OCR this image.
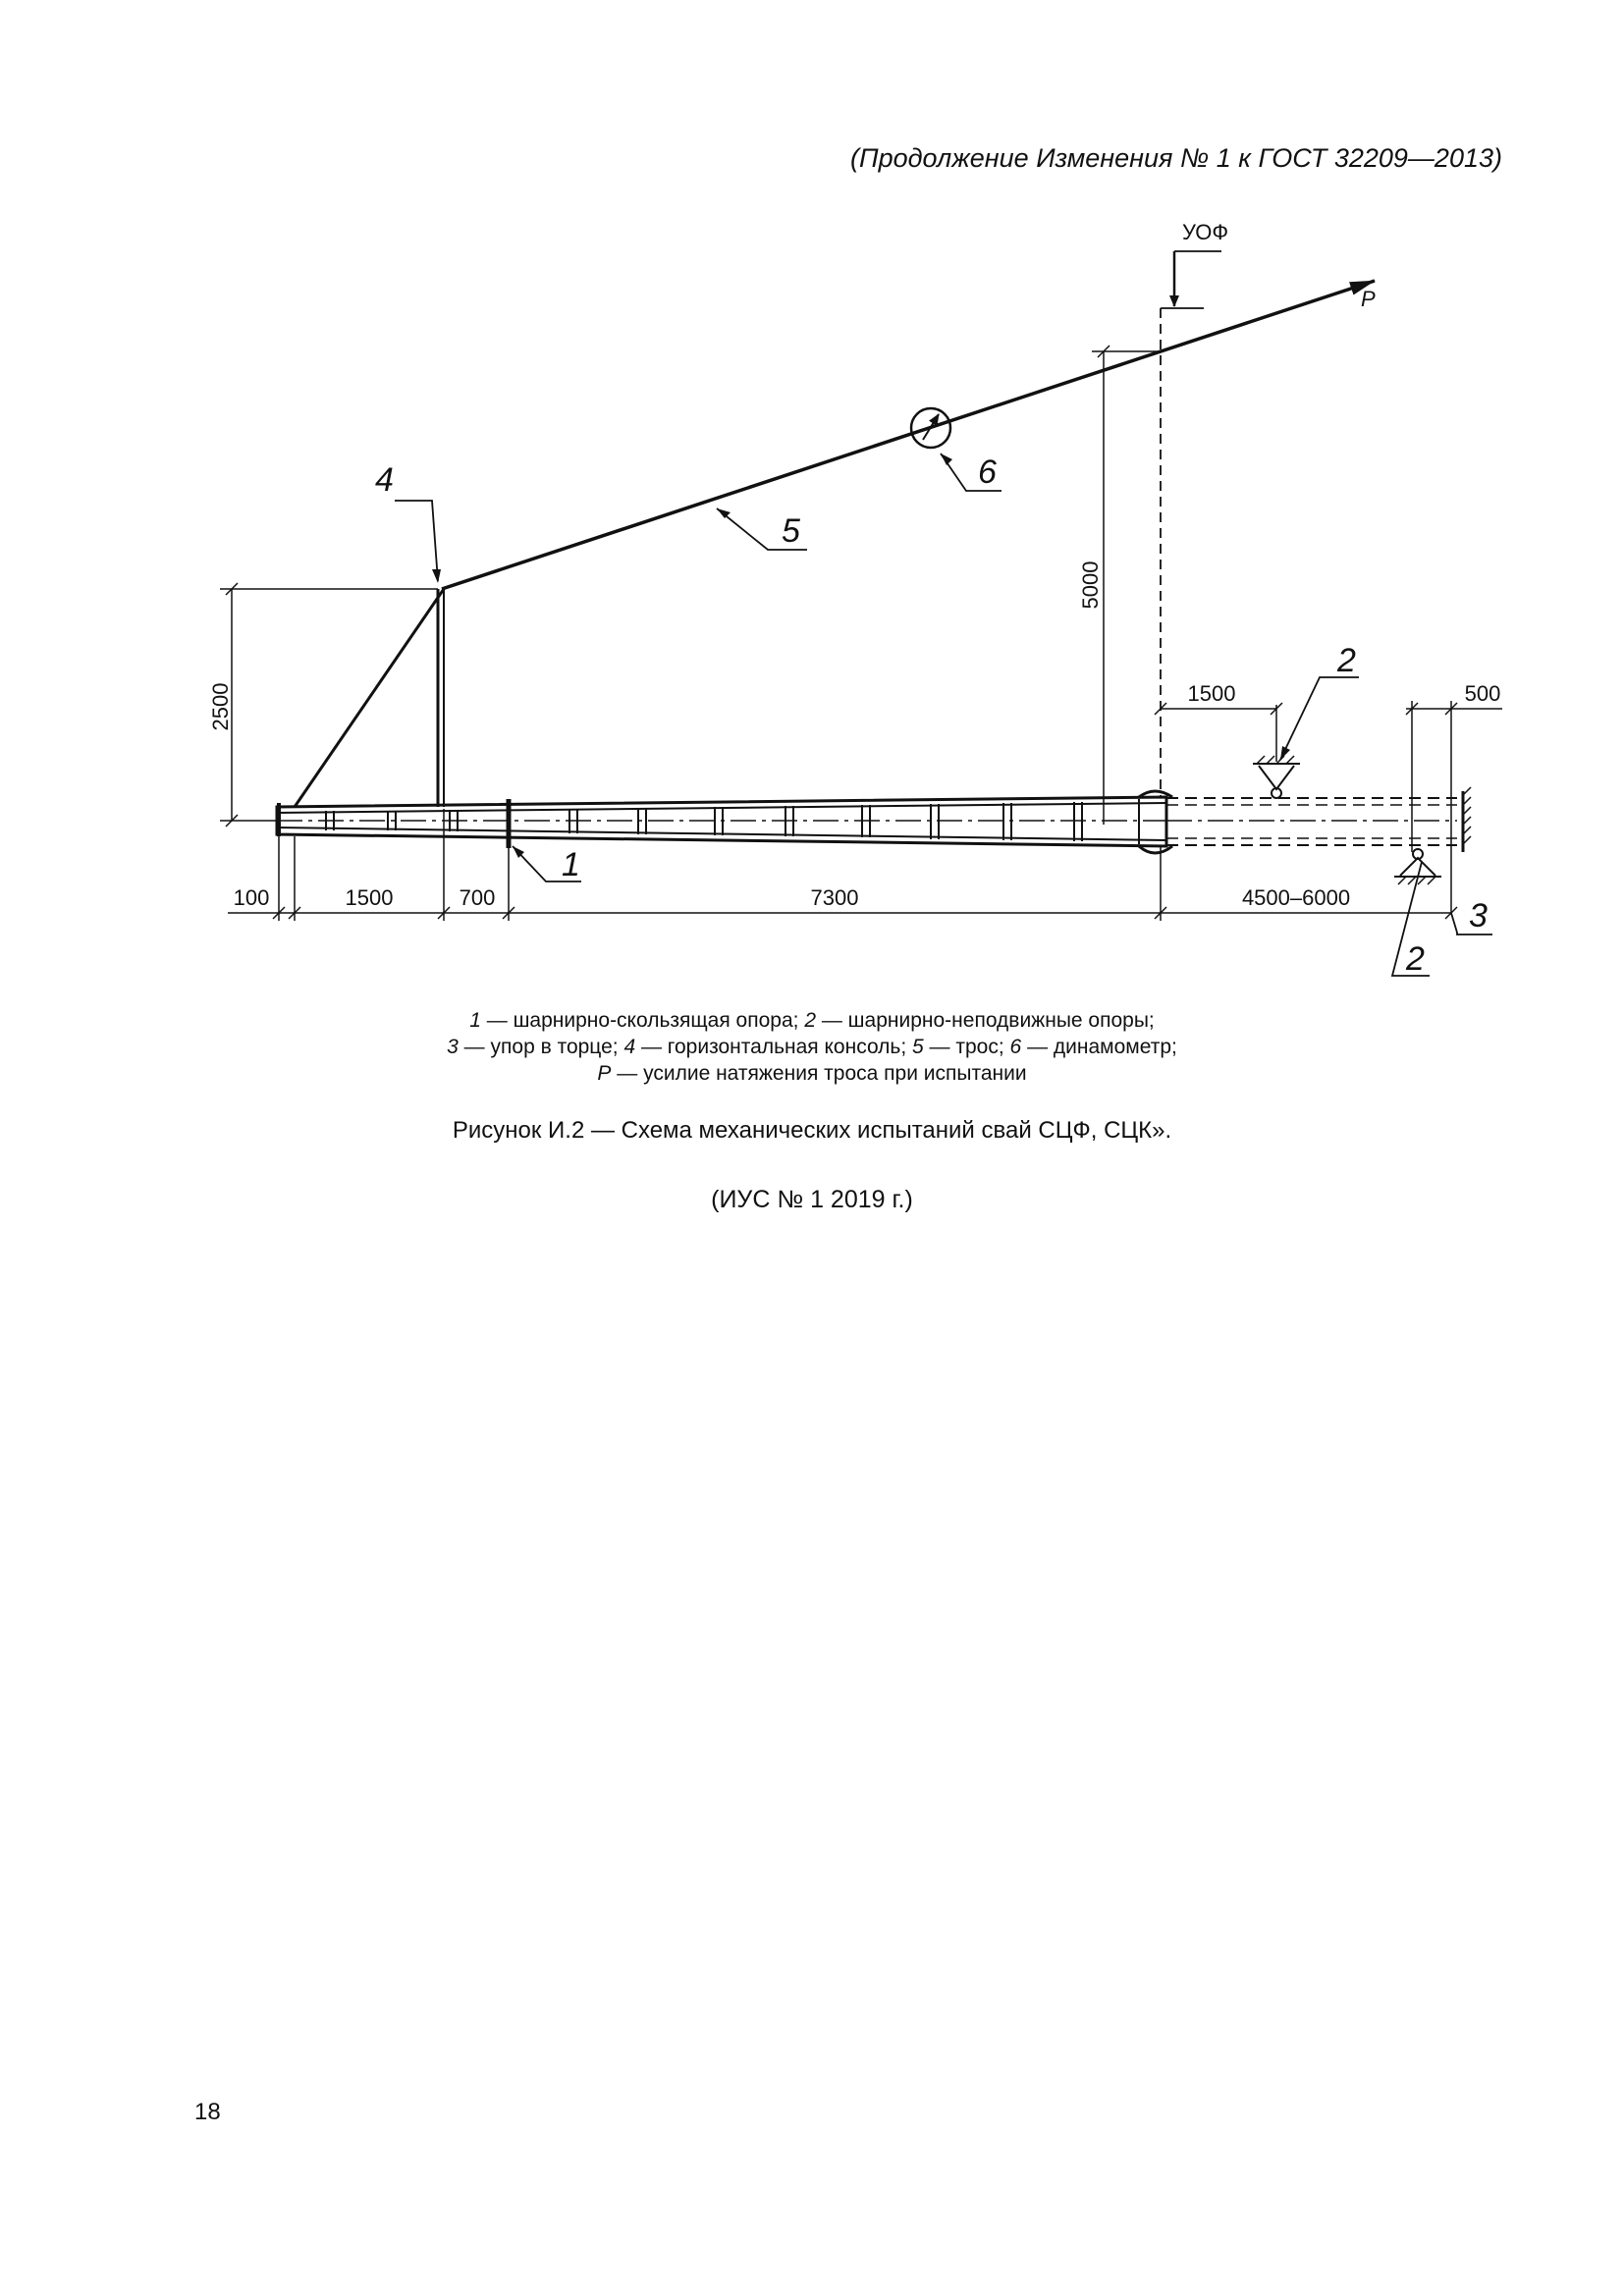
(Продолжение Изменения № 1 к ГОСТ 32209—2013)
P
УОФ
2500
5000
1500	500
100	1500	700	7300	4500–6000
1
2
2
3
4
5
6
1 — шарнирно-скользящая опора; 2 — шарнирно-неподвижные опоры;
3 — упор в торце; 4 — горизонтальная консоль; 5 — трос; 6 — динамометр;
P — усилие натяжения троса при испытании
Рисунок И.2 — Схема механических испытаний свай СЦФ, СЦК».
(ИУС № 1 2019 г.)
18
